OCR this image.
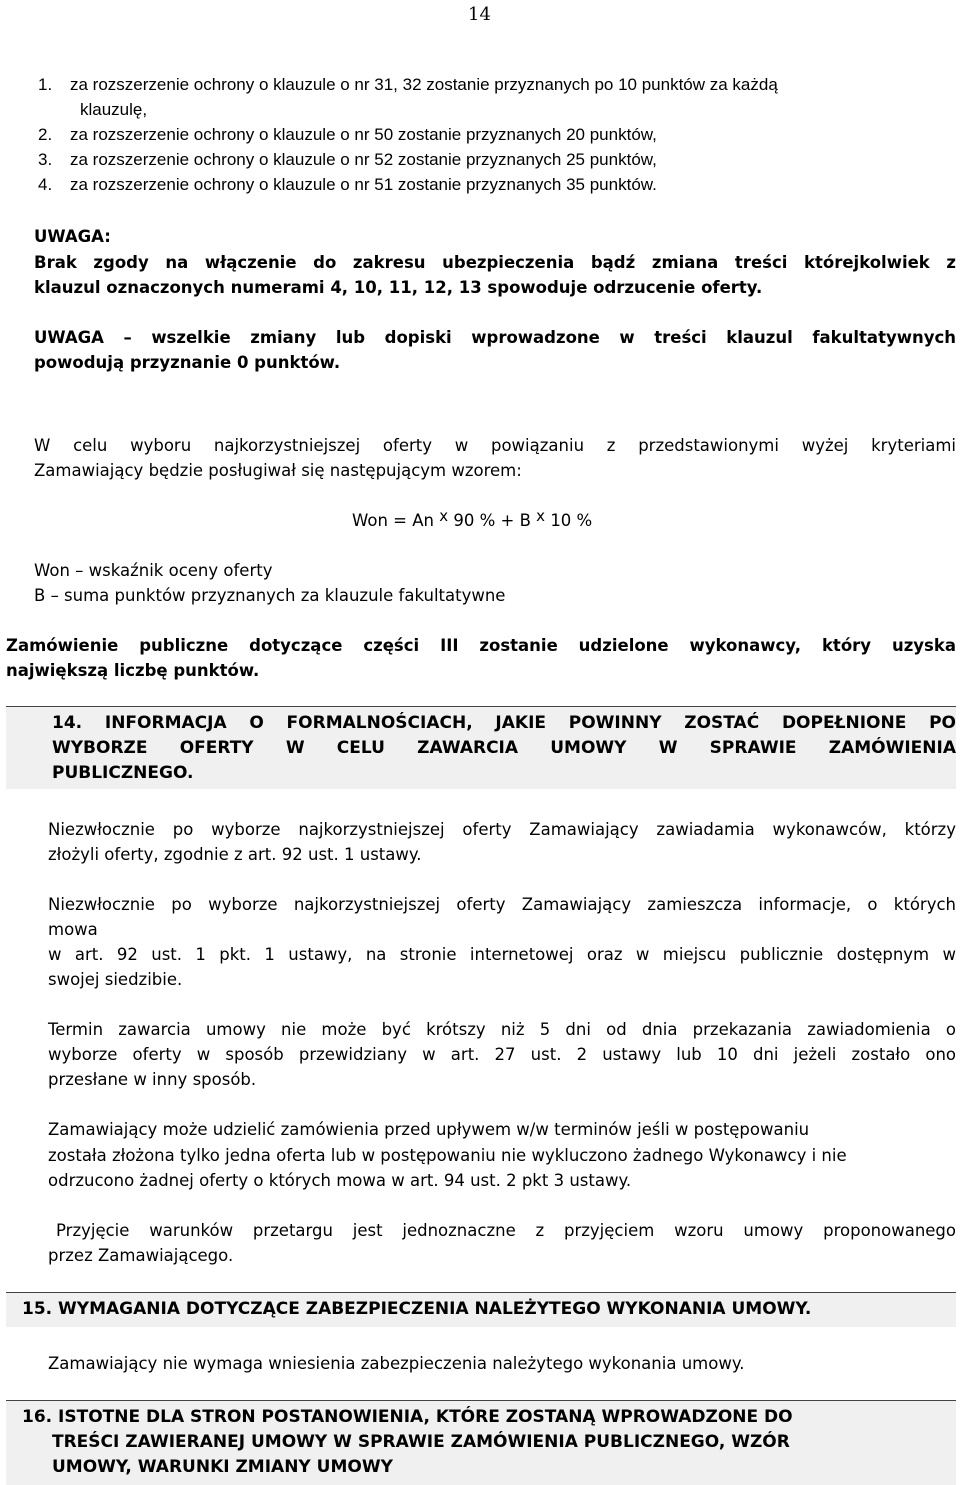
14
1.	za rozszerzenie ochrony o klauzule o nr 31, 32 zostanie przyznanych po 10 punktów za każdą
klauzulę,
2.	za rozszerzenie ochrony o klauzule o nr 50 zostanie przyznanych 20 punktów,
3.	za rozszerzenie ochrony o klauzule o nr 52 zostanie przyznanych 25 punktów,
4.	za rozszerzenie ochrony o klauzule o nr 51 zostanie przyznanych 35 punktów.
UWAGA:
Brak zgody na włączenie do zakresu ubezpieczenia bądź zmiana treści którejkolwiek z
klauzul oznaczonych numerami 4, 10, 11, 12, 13 spowoduje odrzucenie oferty.
UWAGA – wszelkie zmiany lub dopiski wprowadzone w treści klauzul fakultatywnych
powodują przyznanie 0 punktów.
W celu wyboru najkorzystniejszej oferty w powiązaniu z przedstawionymi wyżej kryteriami
Zamawiający będzie posługiwał się następującym wzorem:
Won = An x 90 % + B x 10 %
Won – wskaźnik oceny oferty
B – suma punktów przyznanych za klauzule fakultatywne
Zamówienie publiczne dotyczące części III zostanie udzielone wykonawcy, który uzyska
największą liczbę punktów.
14. INFORMACJA O FORMALNOŚCIACH, JAKIE POWINNY ZOSTAĆ DOPEŁNIONE PO
WYBORZE OFERTY W CELU ZAWARCIA UMOWY W SPRAWIE ZAMÓWIENIA
PUBLICZNEGO.
Niezwłocznie po wyborze najkorzystniejszej oferty Zamawiający zawiadamia wykonawców, którzy
złożyli oferty, zgodnie z art. 92 ust. 1 ustawy.
Niezwłocznie po wyborze najkorzystniejszej oferty Zamawiający zamieszcza informacje, o których
mowa
w art. 92 ust. 1 pkt. 1 ustawy, na stronie internetowej oraz w miejscu publicznie dostępnym w
swojej siedzibie.
Termin zawarcia umowy nie może być krótszy niż 5 dni od dnia przekazania zawiadomienia o
wyborze oferty w sposób przewidziany w art. 27 ust. 2 ustawy lub 10 dni jeżeli zostało ono
przesłane w inny sposób.
Zamawiający może udzielić zamówienia przed upływem w/w terminów jeśli w postępowaniu
została złożona tylko jedna oferta lub w postępowaniu nie wykluczono żadnego Wykonawcy i nie
odrzucono żadnej oferty o których mowa w art. 94 ust. 2 pkt 3 ustawy.
Przyjęcie warunków przetargu jest jednoznaczne z przyjęciem wzoru umowy proponowanego
przez Zamawiającego.
15. WYMAGANIA DOTYCZĄCE ZABEZPIECZENIA NALEŻYTEGO WYKONANIA UMOWY.
Zamawiający nie wymaga wniesienia zabezpieczenia należytego wykonania umowy.
16. ISTOTNE DLA STRON POSTANOWIENIA, KTÓRE ZOSTANĄ WPROWADZONE DO
TREŚCI ZAWIERANEJ UMOWY W SPRAWIE ZAMÓWIENIA PUBLICZNEGO, WZÓR
UMOWY, WARUNKI ZMIANY UMOWY
